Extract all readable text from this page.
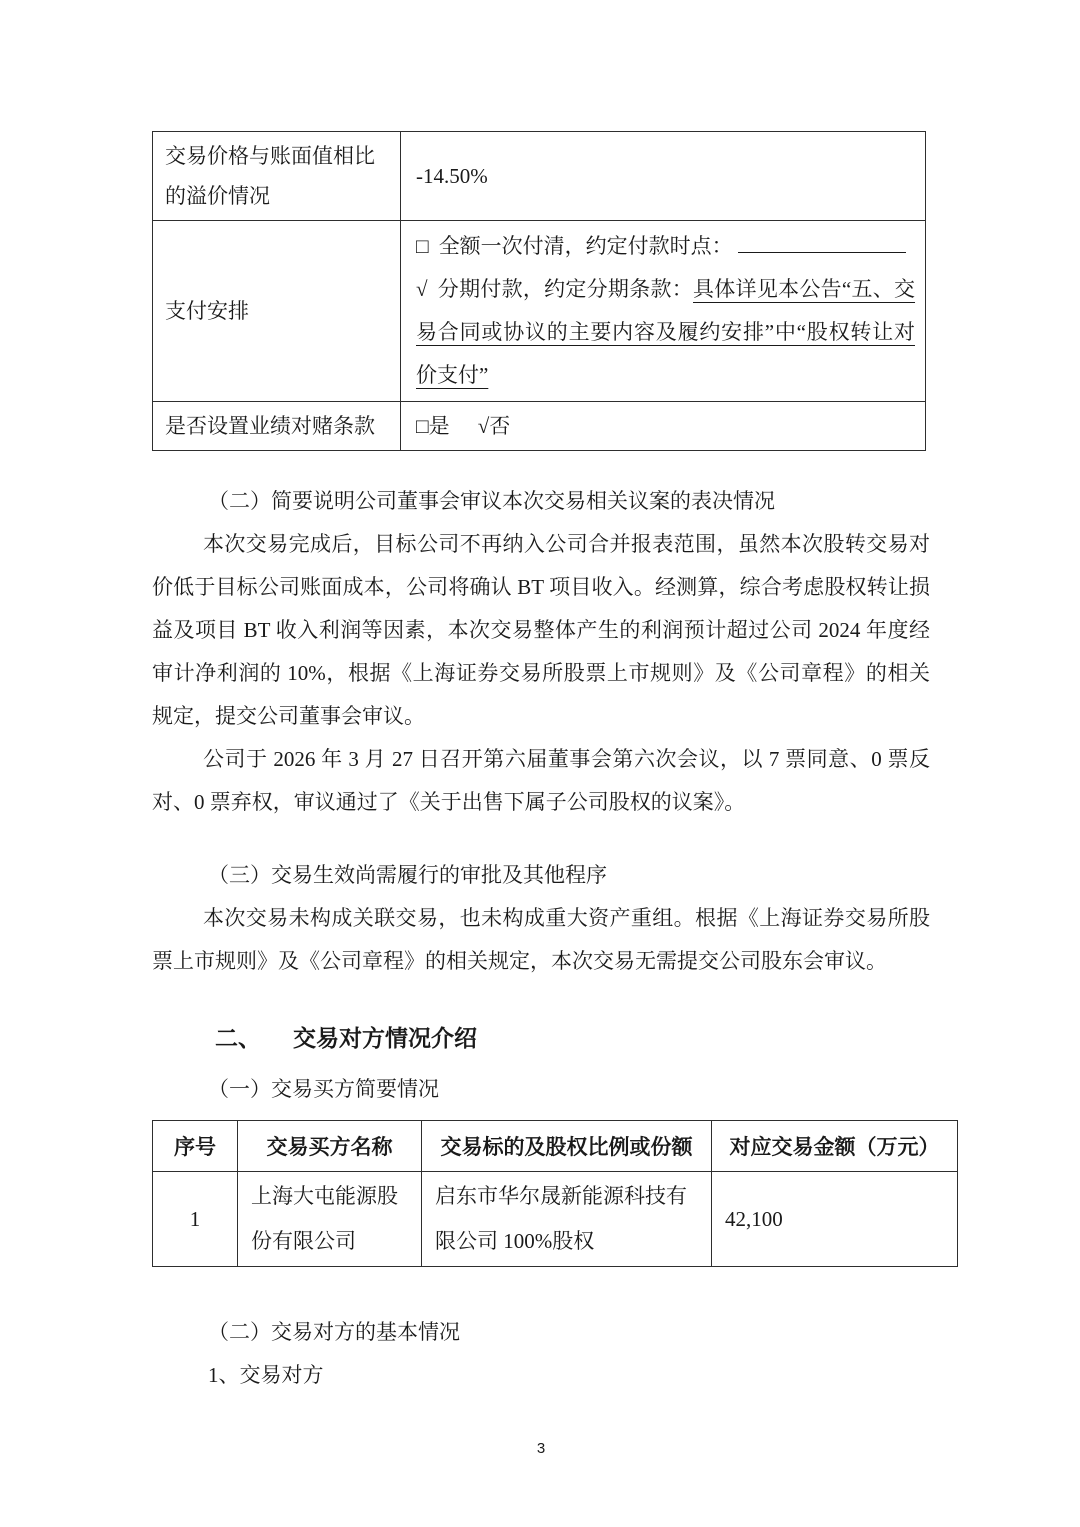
交易价格与账面值相比的溢价情况	-14.50%
支付安排	□ 全额一次付清，约定付款时点：
√ 分期付款，约定分期条款：具体详见本公告“五、交易合同或协议的主要内容及履约安排”中“股权转让对价支付”

是否设置业绩对赌条款	□是 √否

（二）简要说明公司董事会审议本次交易相关议案的表决情况

本次交易完成后，目标公司不再纳入公司合并报表范围，虽然本次股转交易对价低于目标公司账面成本，公司将确认 BT 项目收入。经测算，综合考虑股权转让损益及项目 BT 收入利润等因素，本次交易整体产生的利润预计超过公司 2024 年度经审计净利润的 10%，根据《上海证券交易所股票上市规则》及《公司章程》的相关规定，提交公司董事会审议。

公司于 2026 年 3 月 27 日召开第六届董事会第六次会议，以 7 票同意、0 票反对、0 票弃权，审议通过了《关于出售下属子公司股权的议案》。

（三）交易生效尚需履行的审批及其他程序

本次交易未构成关联交易，也未构成重大资产重组。根据《上海证券交易所股票上市规则》及《公司章程》的相关规定，本次交易无需提交公司股东会审议。

二、 交易对方情况介绍

（一）交易买方简要情况

序号	交易买方名称	交易标的及股权比例或份额	对应交易金额（万元）
1	上海大屯能源股份有限公司	启东市华尔晟新能源科技有限公司 100%股权	42,100

（二）交易对方的基本情况

1、交易对方

3
